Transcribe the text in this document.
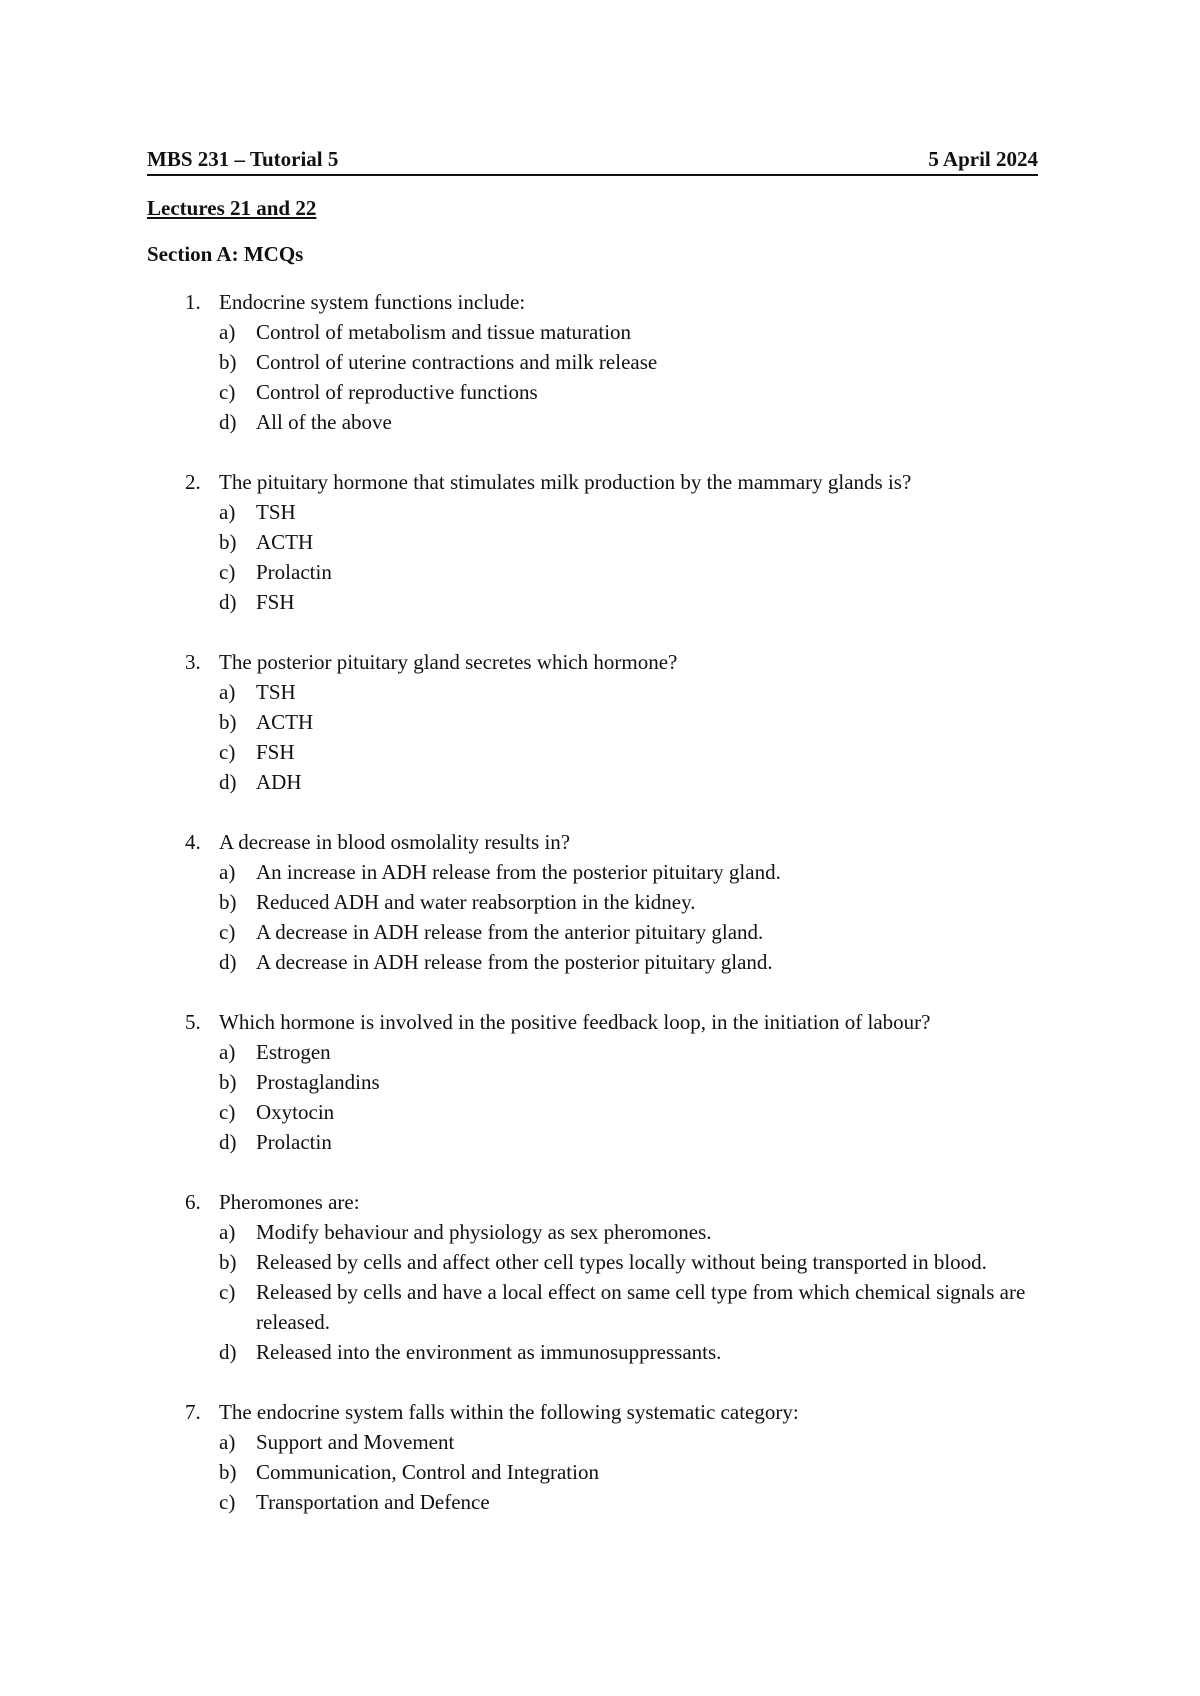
MBS 231 – Tutorial 5	5 April 2024
Lectures 21 and 22
Section A: MCQs
1. Endocrine system functions include:
a) Control of metabolism and tissue maturation
b) Control of uterine contractions and milk release
c) Control of reproductive functions
d) All of the above
2. The pituitary hormone that stimulates milk production by the mammary glands is?
a) TSH
b) ACTH
c) Prolactin
d) FSH
3. The posterior pituitary gland secretes which hormone?
a) TSH
b) ACTH
c) FSH
d) ADH
4. A decrease in blood osmolality results in?
a) An increase in ADH release from the posterior pituitary gland.
b) Reduced ADH and water reabsorption in the kidney.
c) A decrease in ADH release from the anterior pituitary gland.
d) A decrease in ADH release from the posterior pituitary gland.
5. Which hormone is involved in the positive feedback loop, in the initiation of labour?
a) Estrogen
b) Prostaglandins
c) Oxytocin
d) Prolactin
6. Pheromones are:
a) Modify behaviour and physiology as sex pheromones.
b) Released by cells and affect other cell types locally without being transported in blood.
c) Released by cells and have a local effect on same cell type from which chemical signals are released.
d) Released into the environment as immunosuppressants.
7. The endocrine system falls within the following systematic category:
a) Support and Movement
b) Communication, Control and Integration
c) Transportation and Defence
